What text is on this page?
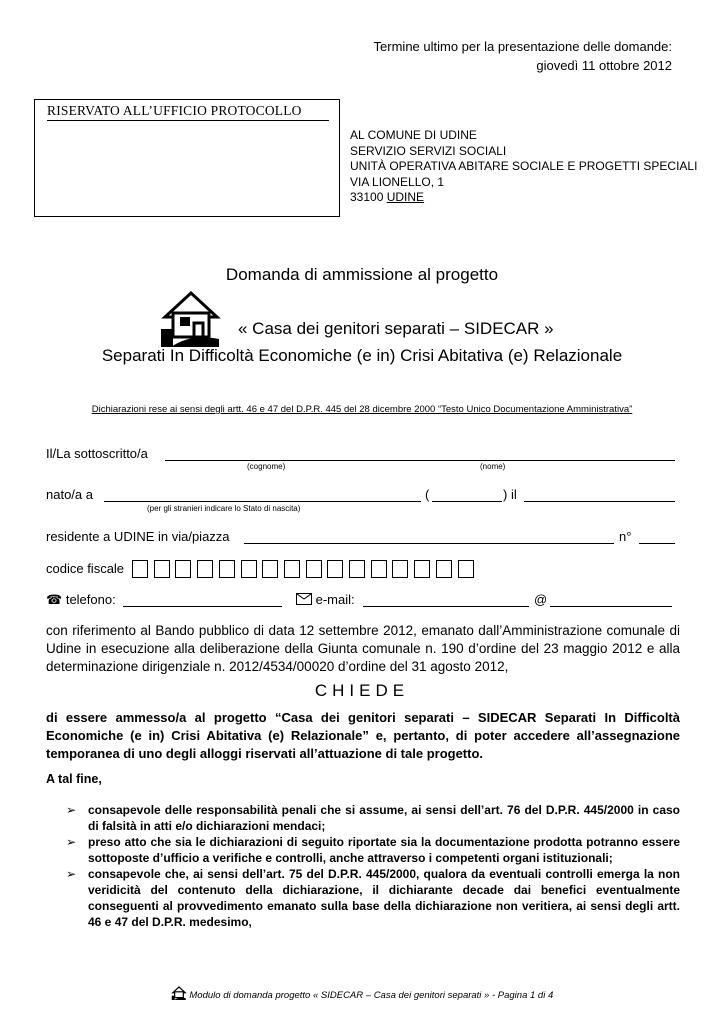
Termine ultimo per la presentazione delle domande:
giovedì 11 ottobre 2012
RISERVATO ALL’UFFICIO PROTOCOLLO
AL COMUNE DI UDINE
SERVIZIO SERVIZI SOCIALI
UNITÀ OPERATIVA ABITARE SOCIALE E PROGETTI SPECIALI
VIA LIONELLO, 1
33100 UDINE
Domanda di ammissione al progetto
« Casa dei genitori separati – SIDECAR »
Separati In Difficoltà Economiche (e in) Crisi Abitativa (e) Relazionale
Dichiarazioni rese ai sensi degli artt. 46 e 47 del D.P.R. 445 del 28 dicembre 2000 “Testo Unico Documentazione Amministrativa”
Il/La sottoscritto/a
(cognome)	(nome)
nato/a a	(	) il
(per gli stranieri indicare lo Stato di nascita)
residente a UDINE in via/piazza	n°
codice fiscale
☎ telefono:	e-mail:	@
con riferimento al Bando pubblico di data 12 settembre 2012, emanato dall’Amministrazione comunale di Udine in esecuzione alla deliberazione della Giunta comunale n. 190 d’ordine del 23 maggio 2012 e alla determinazione dirigenziale n. 2012/4534/00020 d’ordine del 31 agosto 2012,
CHIEDE
di essere ammesso/a al progetto “Casa dei genitori separati – SIDECAR Separati In Difficoltà Economiche (e in) Crisi Abitativa (e) Relazionale” e, pertanto, di poter accedere all’assegnazione temporanea di uno degli alloggi riservati all’attuazione di tale progetto.
A tal fine,
➢ consapevole delle responsabilità penali che si assume, ai sensi dell’art. 76 del D.P.R. 445/2000 in caso di falsità in atti e/o dichiarazioni mendaci;
➢ preso atto che sia le dichiarazioni di seguito riportate sia la documentazione prodotta potranno essere sottoposte d’ufficio a verifiche e controlli, anche attraverso i competenti organi istituzionali;
➢ consapevole che, ai sensi dell’art. 75 del D.P.R. 445/2000, qualora da eventuali controlli emerga la non veridicità del contenuto della dichiarazione, il dichiarante decade dai benefici eventualmente conseguenti al provvedimento emanato sulla base della dichiarazione non veritiera, ai sensi degli artt. 46 e 47 del D.P.R. medesimo,
Modulo di domanda progetto « SIDECAR – Casa dei genitori separati » - Pagina 1 di 4
